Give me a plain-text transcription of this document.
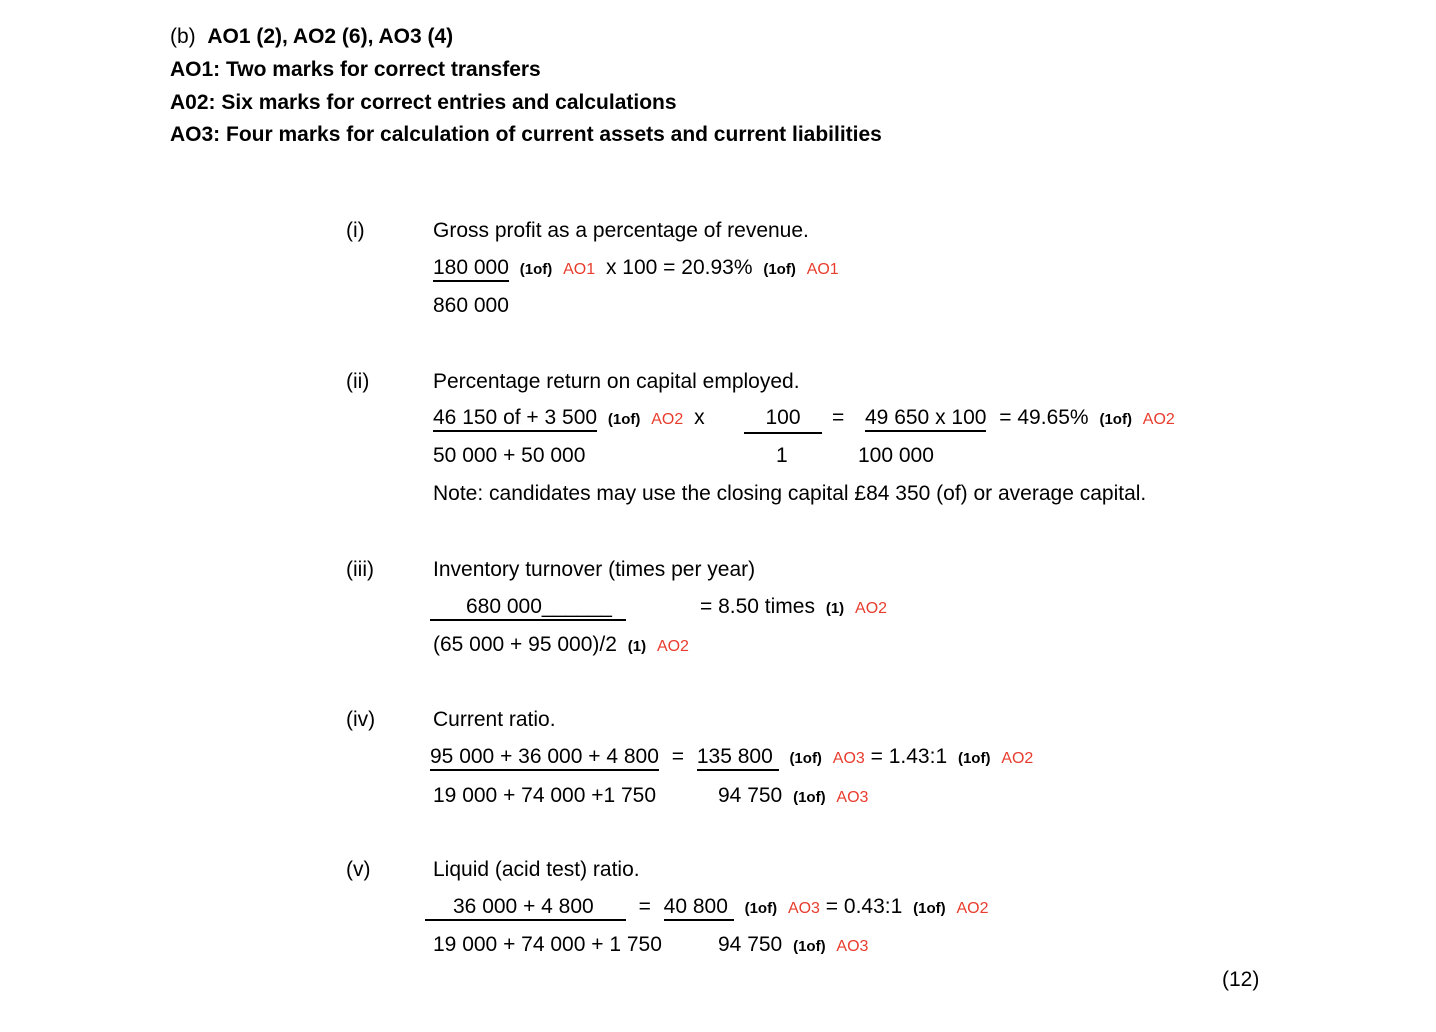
(b)  AO1 (2), AO2 (6), AO3 (4)
AO1: Two marks for correct transfers
A02: Six marks for correct entries and calculations
AO3: Four marks for calculation of current assets and current liabilities
(i)	Gross profit as a percentage of revenue.
180 000 (1of) AO1 x 100 = 20.93% (1of) AO1
860 000
(ii)	Percentage return on capital employed.
46 150 of + 3 500 (1of) AO2 x	100	= 49 650 x 100 = 49.65% (1of) AO2
50 000 + 50 000	1	100 000
Note: candidates may use the closing capital £84 350 (of) or average capital.
(iii)	Inventory turnover (times per year)
680 000______	= 8.50 times (1) AO2
(65 000 + 95 000)/2 (1) AO2
(iv)	Current ratio.
95 000 + 36 000 + 4 800 = 135 800  (1of) AO3 = 1.43:1 (1of) AO2
19 000 + 74 000 +1 750	94 750 (1of) AO3
(v)	Liquid (acid test) ratio.
36 000 + 4 800 = 40 800  (1of) AO3 = 0.43:1 (1of) AO2
19 000 + 74 000 + 1 750	94 750 (1of) AO3
(12)
